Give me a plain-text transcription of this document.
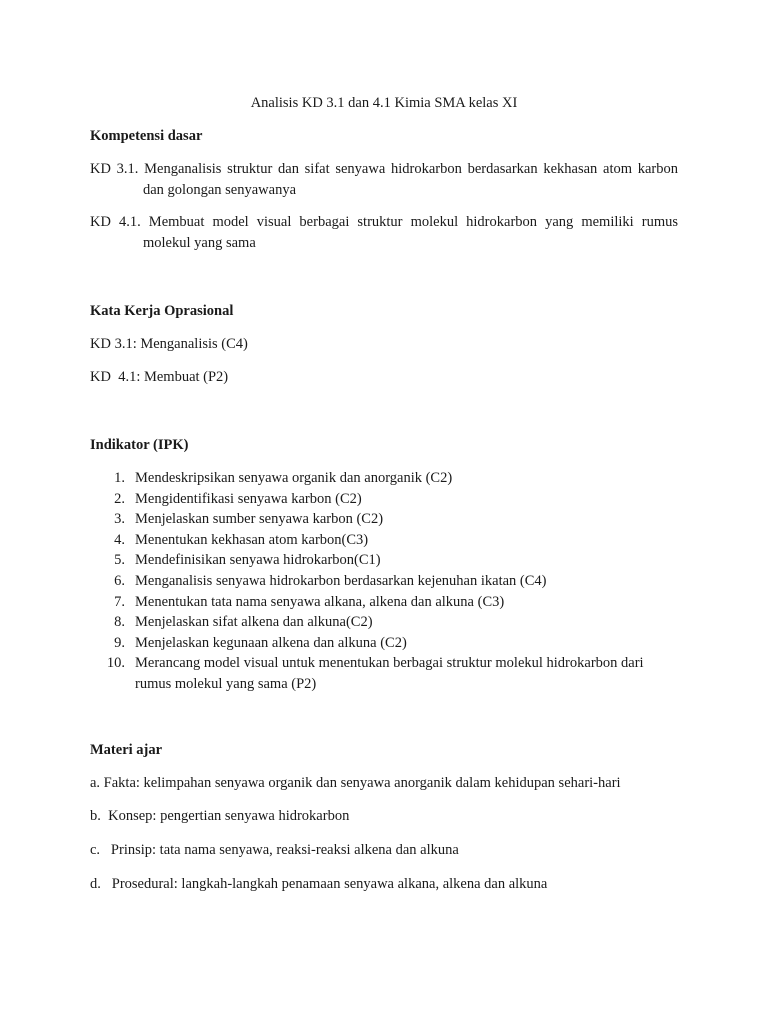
Analisis KD 3.1 dan 4.1 Kimia SMA kelas XI
Kompetensi dasar
KD 3.1. Menganalisis struktur dan sifat senyawa hidrokarbon berdasarkan kekhasan atom karbon
dan golongan senyawanya
KD 4.1. Membuat model visual berbagai struktur molekul hidrokarbon yang memiliki rumus
molekul yang sama
Kata Kerja Oprasional
KD 3.1: Menganalisis (C4)
KD  4.1: Membuat (P2)
Indikator (IPK)
1. Mendeskripsikan senyawa organik dan anorganik (C2)
2. Mengidentifikasi senyawa karbon (C2)
3. Menjelaskan sumber senyawa karbon (C2)
4. Menentukan kekhasan atom karbon(C3)
5. Mendefinisikan senyawa hidrokarbon(C1)
6. Menganalisis senyawa hidrokarbon berdasarkan kejenuhan ikatan (C4)
7. Menentukan tata nama senyawa alkana, alkena dan alkuna (C3)
8. Menjelaskan sifat alkena dan alkuna(C2)
9. Menjelaskan kegunaan alkena dan alkuna (C2)
10. Merancang model visual untuk menentukan berbagai struktur molekul hidrokarbon dari
rumus molekul yang sama (P2)
Materi ajar
a. Fakta: kelimpahan senyawa organik dan senyawa anorganik dalam kehidupan sehari-hari
b.  Konsep: pengertian senyawa hidrokarbon
c.   Prinsip: tata nama senyawa, reaksi-reaksi alkena dan alkuna
d.   Prosedural: langkah-langkah penamaan senyawa alkana, alkena dan alkuna
